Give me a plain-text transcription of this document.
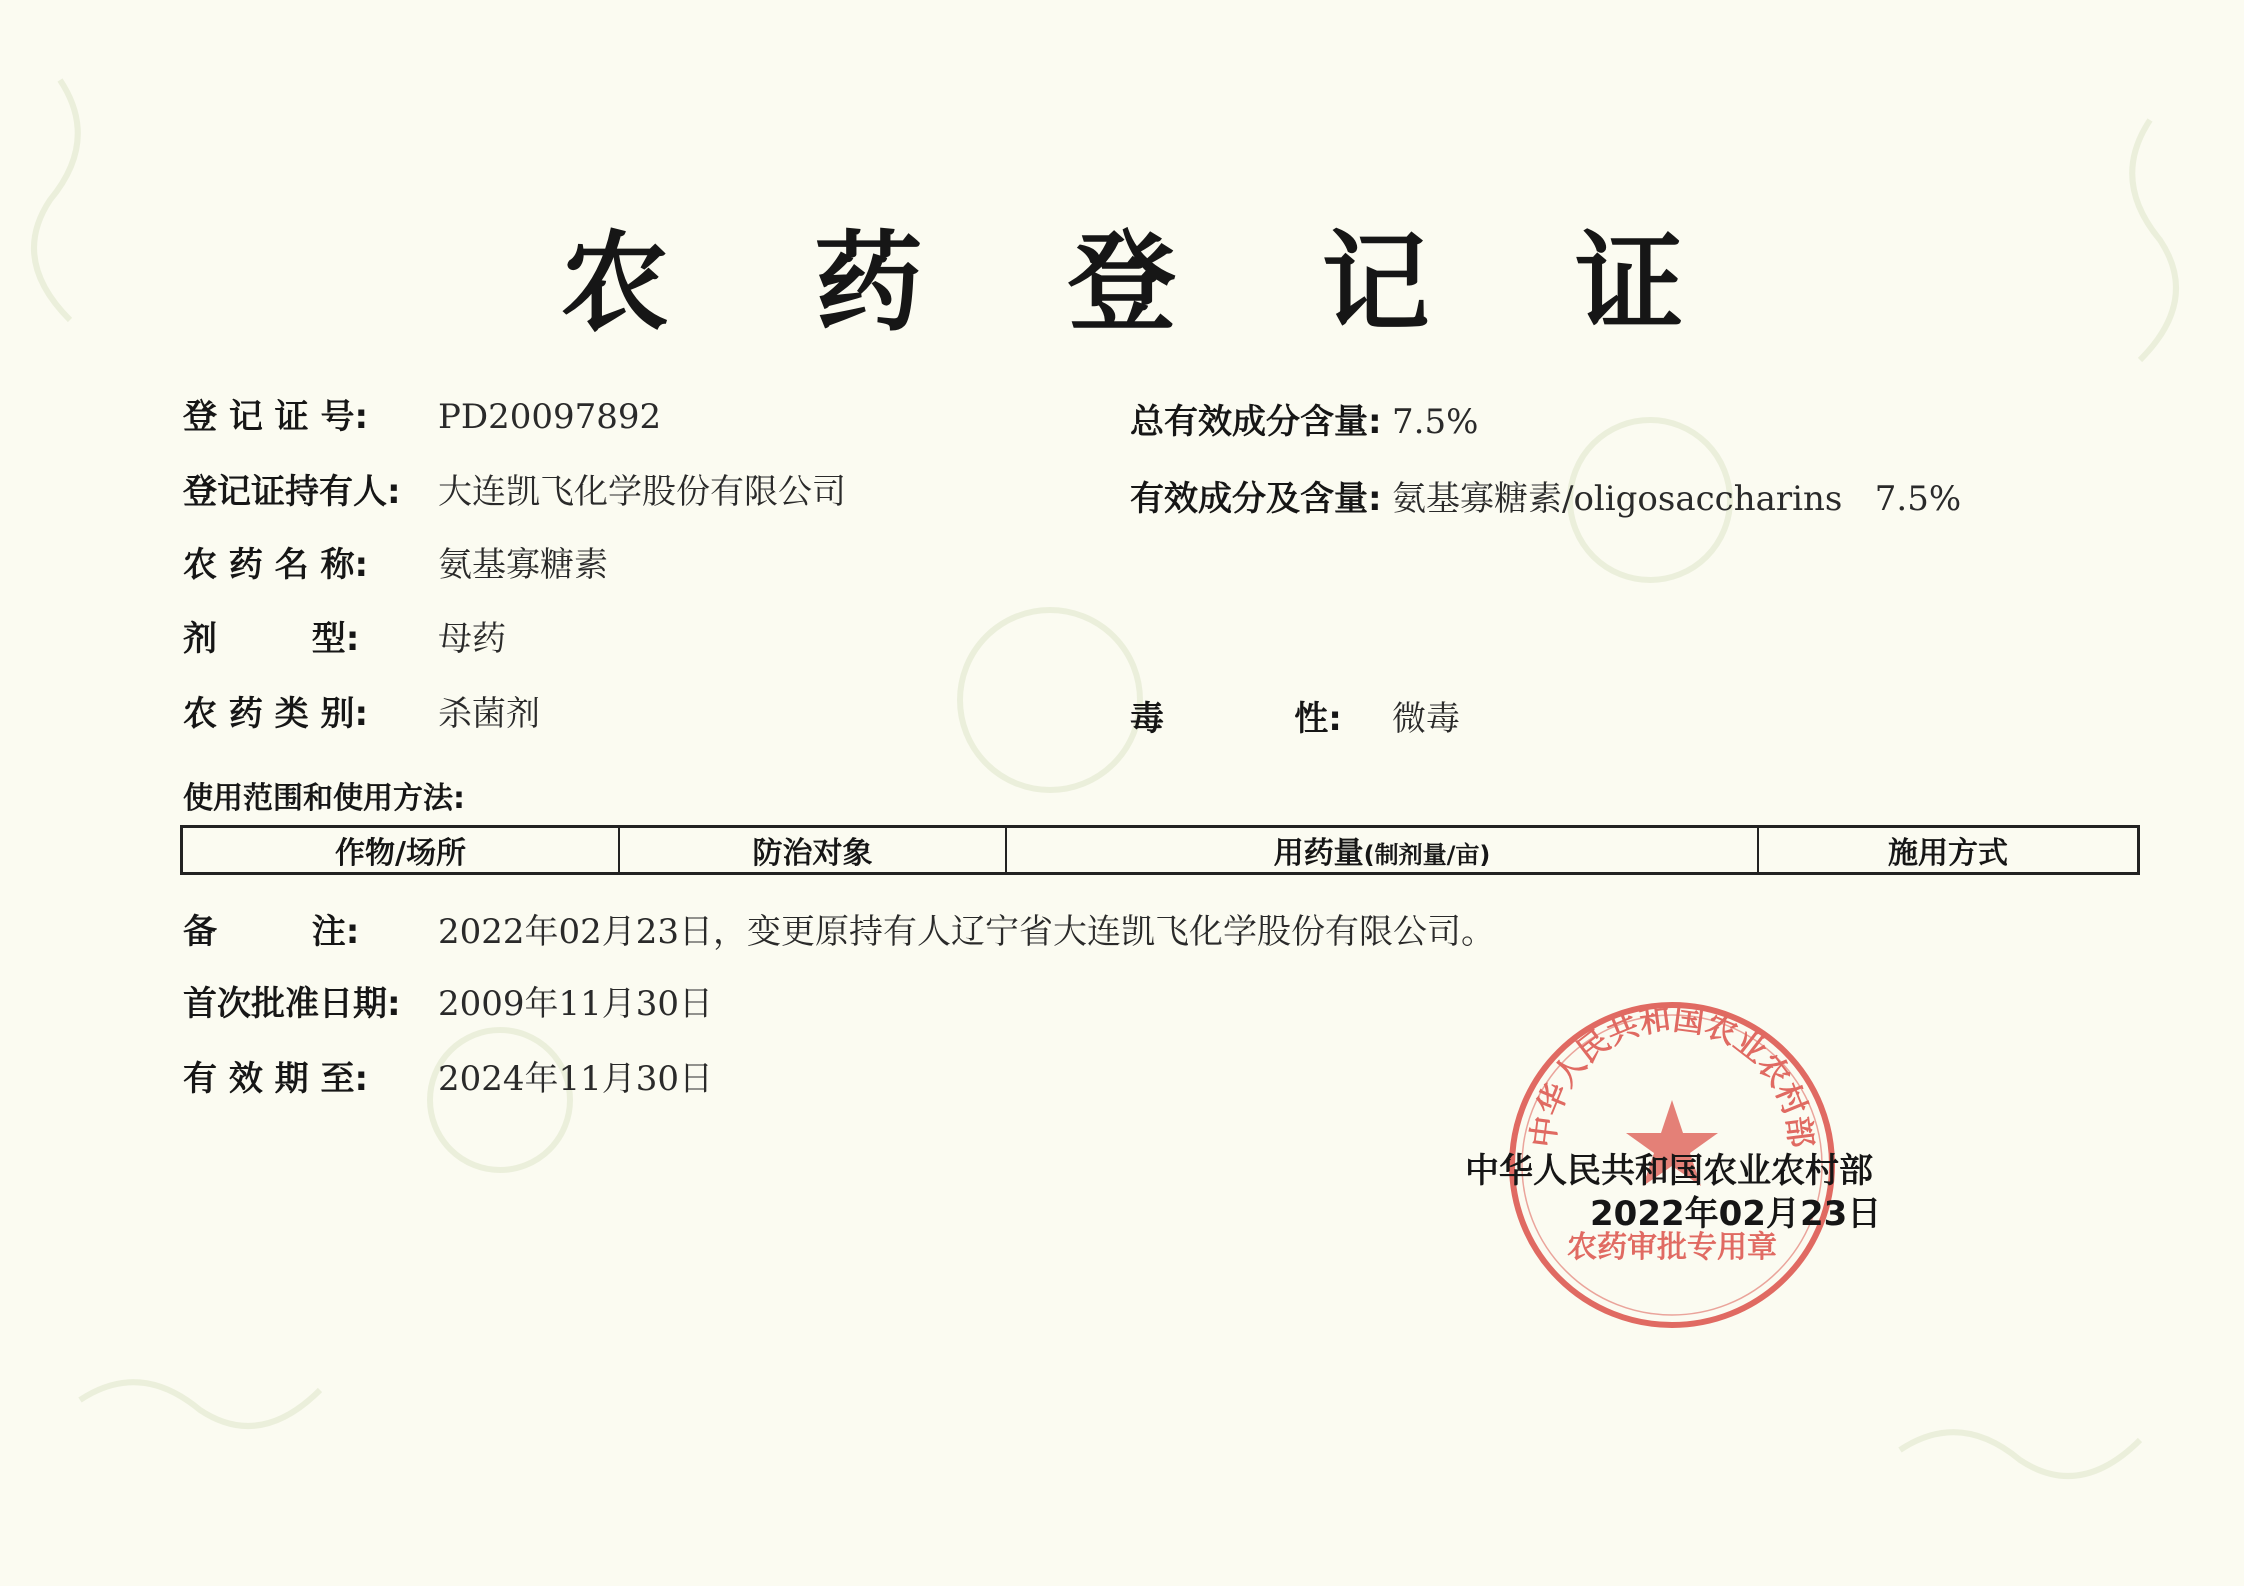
农 药 登 记 证
登 记 证 号: PD20097892
登记证持有人: 大连凯飞化学股份有限公司
农 药 名 称: 氨基寡糖素
剂        型: 母药
农 药 类 别: 杀菌剂
总有效成分含量: 7.5%
有效成分及含量: 氨基寡糖素/oligosaccharins   7.5%
毒           性: 微毒
使用范围和使用方法:
作物/场所	防治对象	用药量(制剂量/亩)	施用方式
备        注: 2022年02月23日，变更原持有人辽宁省大连凯飞化学股份有限公司。
首次批准日期: 2009年11月30日
有 效 期 至: 2024年11月30日
中华人民共和国农业农村部
农药审批专用章
中华人民共和国农业农村部
2022年02月23日
